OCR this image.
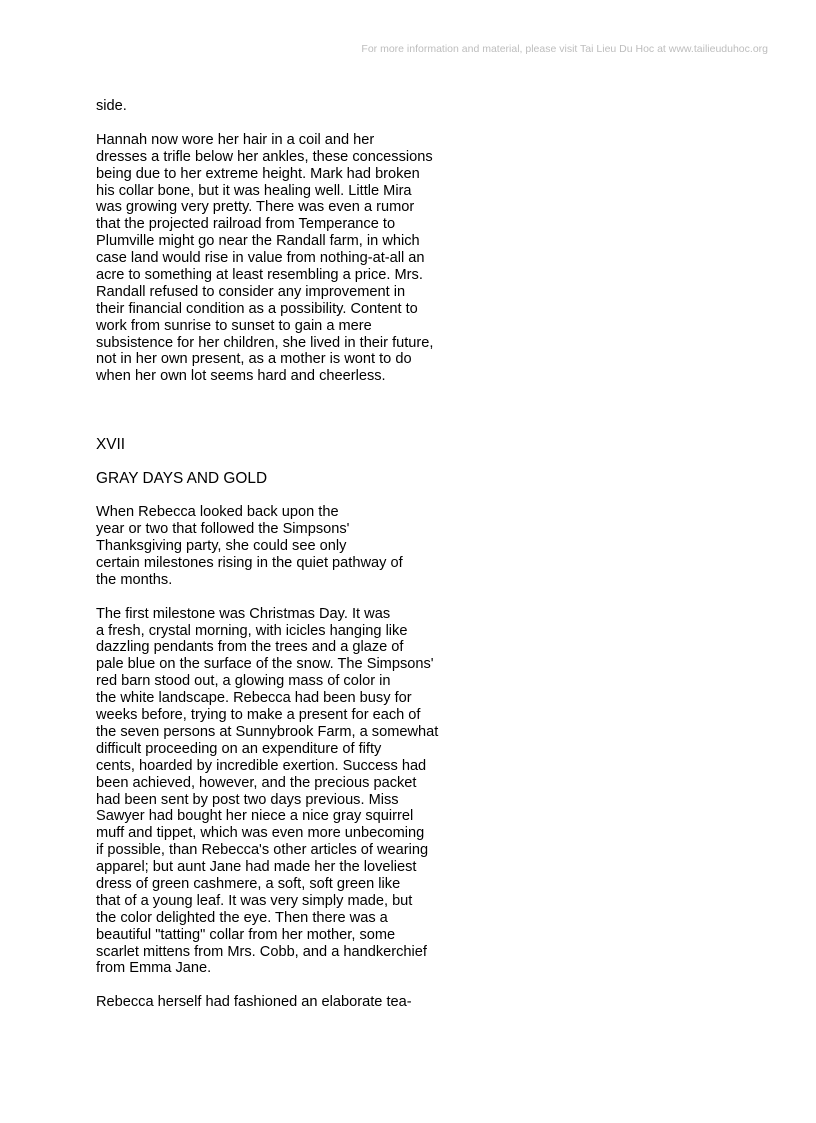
For more information and material, please visit Tai Lieu Du Hoc at www.tailieuduhoc.org
side.
Hannah now wore her hair in a coil and her
dresses a trifle below her ankles, these concessions
being due to her extreme height. Mark had broken
his collar bone, but it was healing well. Little Mira
was growing very pretty. There was even a rumor
that the projected railroad from Temperance to
Plumville might go near the Randall farm, in which
case land would rise in value from nothing-at-all an
acre to something at least resembling a price. Mrs.
Randall refused to consider any improvement in
their financial condition as a possibility. Content to
work from sunrise to sunset to gain a mere
subsistence for her children, she lived in their future,
not in her own present, as a mother is wont to do
when her own lot seems hard and cheerless.
XVII
GRAY DAYS AND GOLD
When Rebecca looked back upon the
year or two that followed the Simpsons'
Thanksgiving party, she could see only
certain milestones rising in the quiet pathway of
the months.
The first milestone was Christmas Day. It was
a fresh, crystal morning, with icicles hanging like
dazzling pendants from the trees and a glaze of
pale blue on the surface of the snow. The Simpsons'
red barn stood out, a glowing mass of color in
the white landscape. Rebecca had been busy for
weeks before, trying to make a present for each of
the seven persons at Sunnybrook Farm, a somewhat
difficult proceeding on an expenditure of fifty
cents, hoarded by incredible exertion. Success had
been achieved, however, and the precious packet
had been sent by post two days previous. Miss
Sawyer had bought her niece a nice gray squirrel
muff and tippet, which was even more unbecoming
if possible, than Rebecca's other articles of wearing
apparel; but aunt Jane had made her the loveliest
dress of green cashmere, a soft, soft green like
that of a young leaf. It was very simply made, but
the color delighted the eye. Then there was a
beautiful "tatting" collar from her mother, some
scarlet mittens from Mrs. Cobb, and a handkerchief
from Emma Jane.
Rebecca herself had fashioned an elaborate tea-
